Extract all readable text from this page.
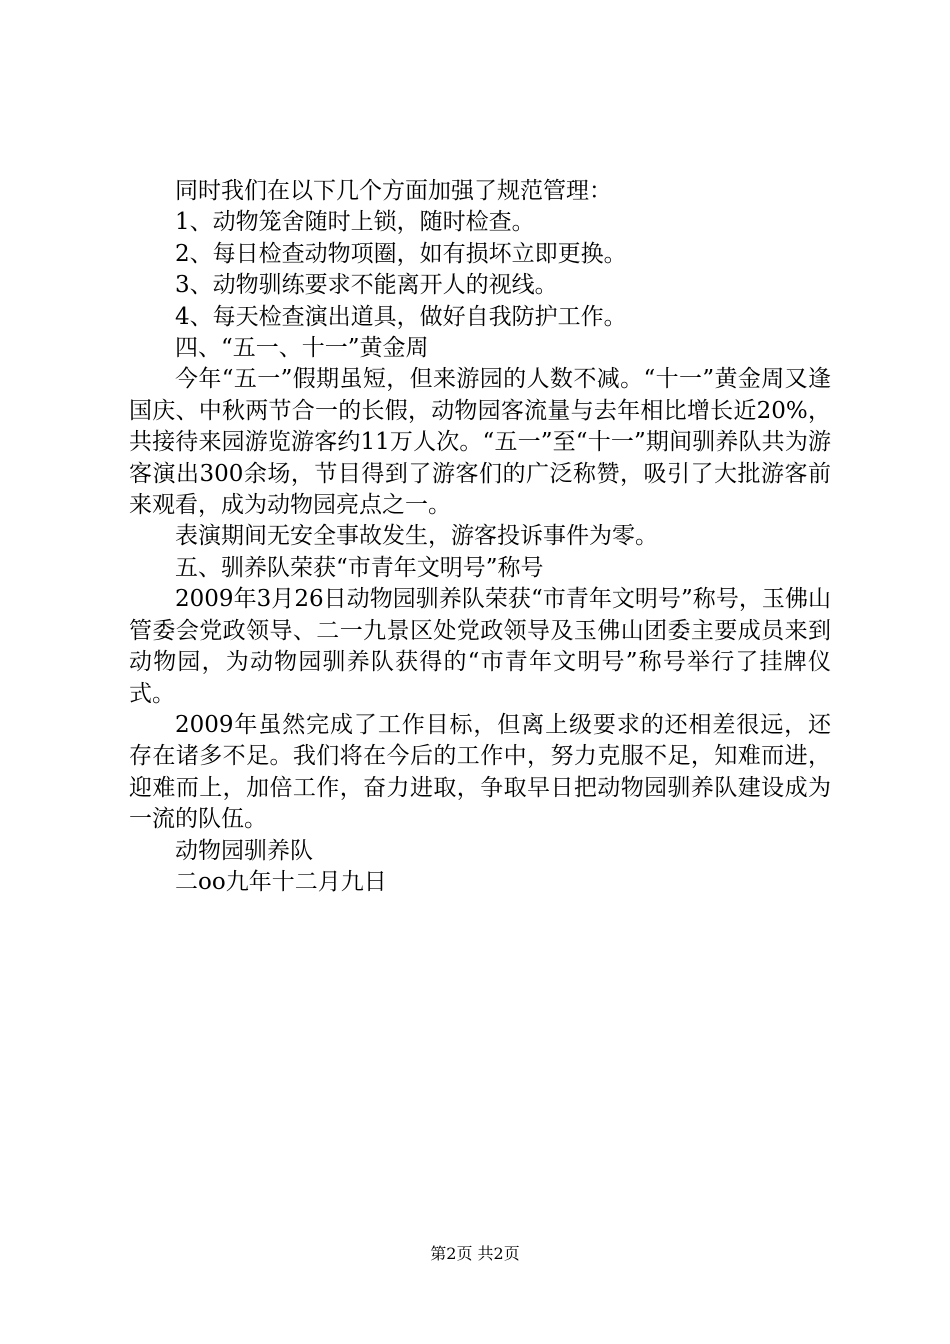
同时我们在以下几个方面加强了规范管理：

1、动物笼舍随时上锁，随时检查。

2、每日检查动物项圈，如有损坏立即更换。

3、动物驯练要求不能离开人的视线。

4、每天检查演出道具，做好自我防护工作。

四、“五一、十一”黄金周

今年“五一”假期虽短，但来游园的人数不减。“十一”黄金周又逢国庆、中秋两节合一的长假，动物园客流量与去年相比增长近20%，共接待来园游览游客约11万人次。“五一”至“十一”期间驯养队共为游客演出300余场，节目得到了游客们的广泛称赞，吸引了大批游客前来观看，成为动物园亮点之一。

表演期间无安全事故发生，游客投诉事件为零。

五、驯养队荣获“市青年文明号”称号

2009年3月26日动物园驯养队荣获“市青年文明号”称号，玉佛山管委会党政领导、二一九景区处党政领导及玉佛山团委主要成员来到动物园，为动物园驯养队获得的“市青年文明号”称号举行了挂牌仪式。

2009年虽然完成了工作目标，但离上级要求的还相差很远，还存在诸多不足。我们将在今后的工作中，努力克服不足，知难而进，迎难而上，加倍工作，奋力进取，争取早日把动物园驯养队建设成为一流的队伍。

动物园驯养队

二oo九年十二月九日

第2页 共2页
